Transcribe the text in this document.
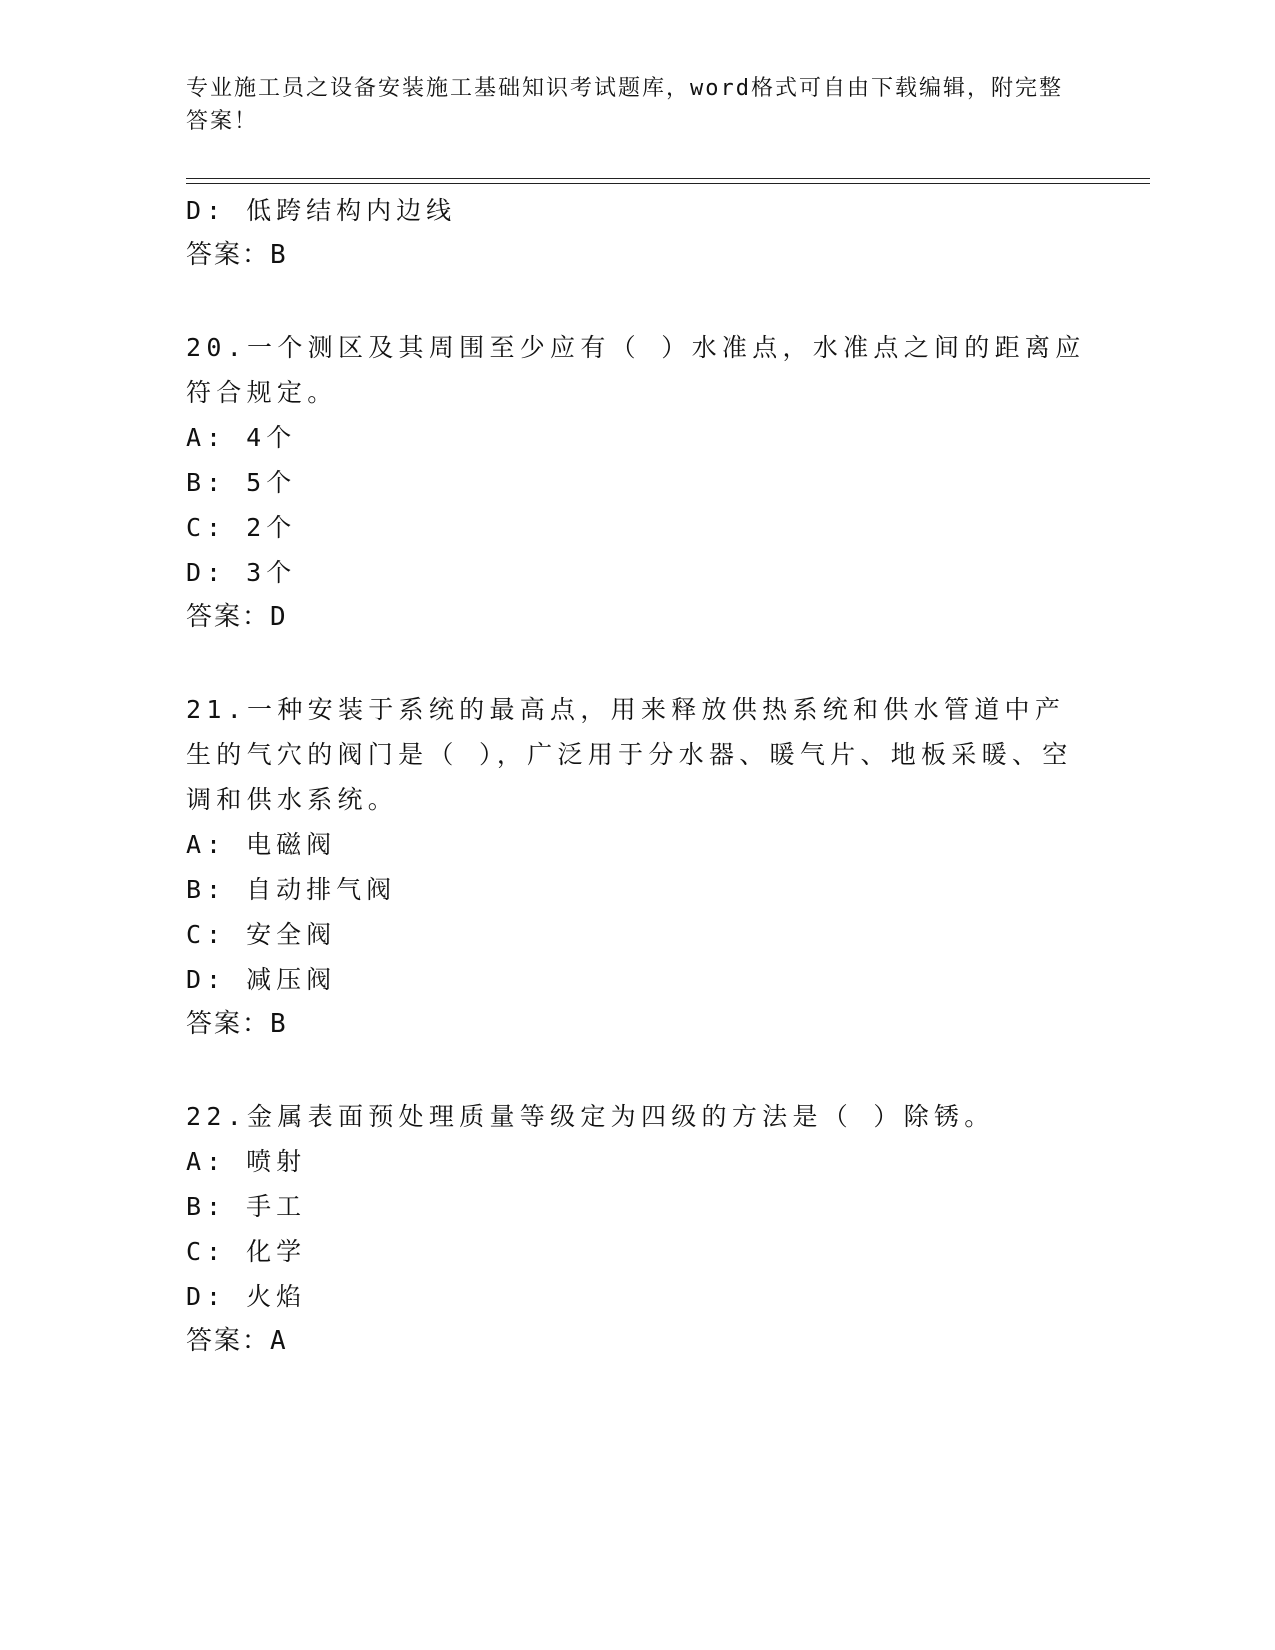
专业施工员之设备安装施工基础知识考试题库，word格式可自由下载编辑，附完整答案！
D: 低跨结构内边线
答案：B
20.一个测区及其周围至少应有（ ）水准点，水准点之间的距离应符合规定。
A: 4个
B: 5个
C: 2个
D: 3个
答案：D
21.一种安装于系统的最高点，用来释放供热系统和供水管道中产生的气穴的阀门是（ ），广泛用于分水器、暖气片、地板采暖、空调和供水系统。
A: 电磁阀
B: 自动排气阀
C: 安全阀
D: 减压阀
答案：B
22.金属表面预处理质量等级定为四级的方法是（ ）除锈。
A: 喷射
B: 手工
C: 化学
D: 火焰
答案：A
